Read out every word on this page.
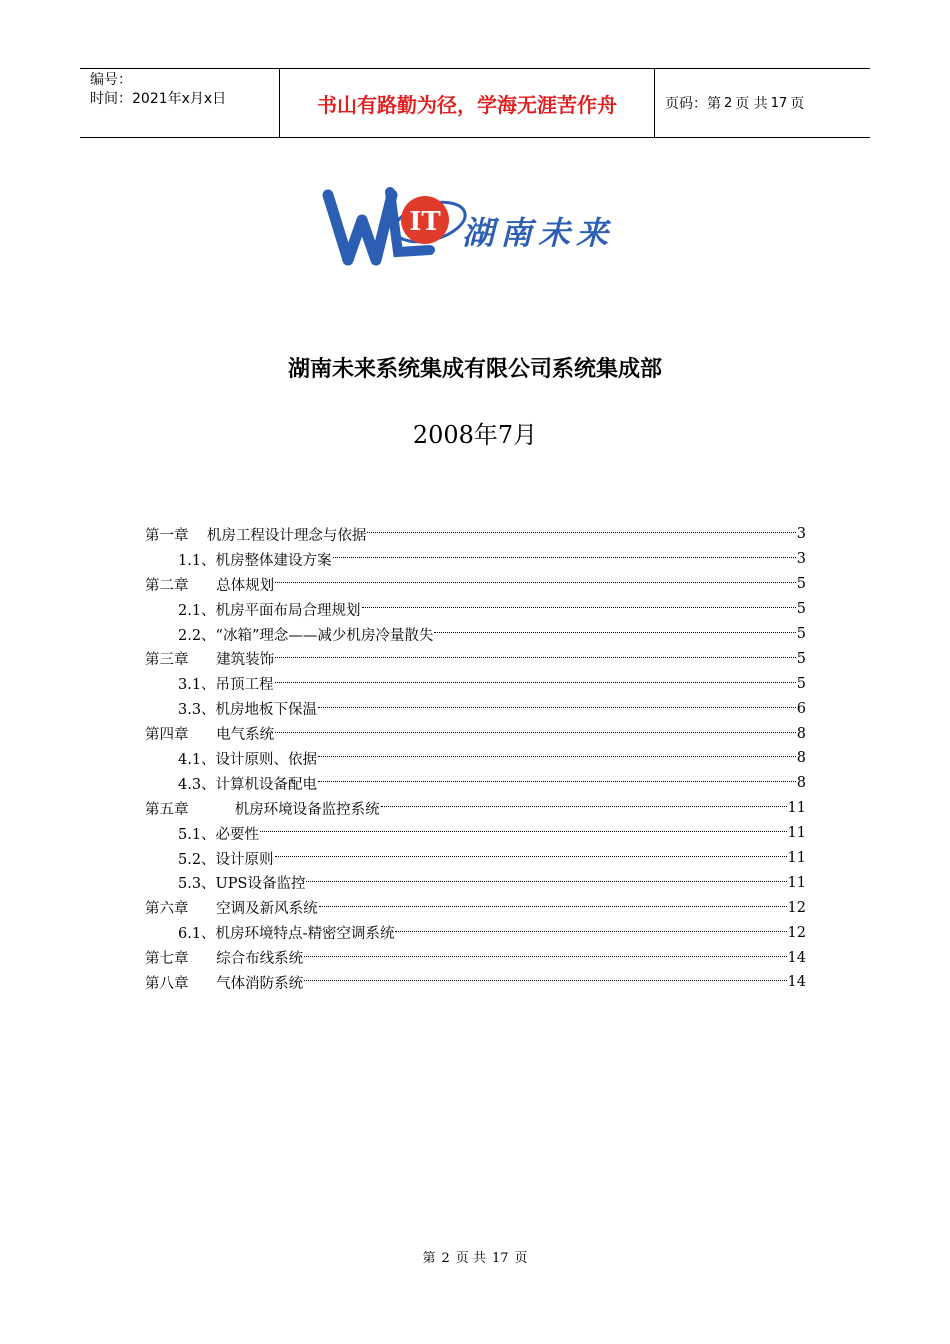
编号：
时间：2021年x月x日	书山有路勤为径，学海无涯苦作舟	页码：第 2 页 共 17 页
IT 湖南未来
湖南未来系统集成有限公司系统集成部
2008年7月
第一章    机房工程设计理念与依据	3
1.1、机房整体建设方案	3
第二章      总体规划	5
2.1、机房平面布局合理规划	5
2.2、“冰箱”理念——减少机房冷量散失	5
第三章      建筑装饰	5
3.1、吊顶工程	5
3.3、机房地板下保温	6
第四章      电气系统	8
4.1、设计原则、依据	8
4.3、计算机设备配电	8
第五章          机房环境设备监控系统	11
5.1、必要性	11
5.2、设计原则	11
5.3、UPS设备监控	11
第六章      空调及新风系统	12
6.1、机房环境特点-精密空调系统	12
第七章      综合布线系统	14
第八章      气体消防系统	14
第 2 页 共 17 页
